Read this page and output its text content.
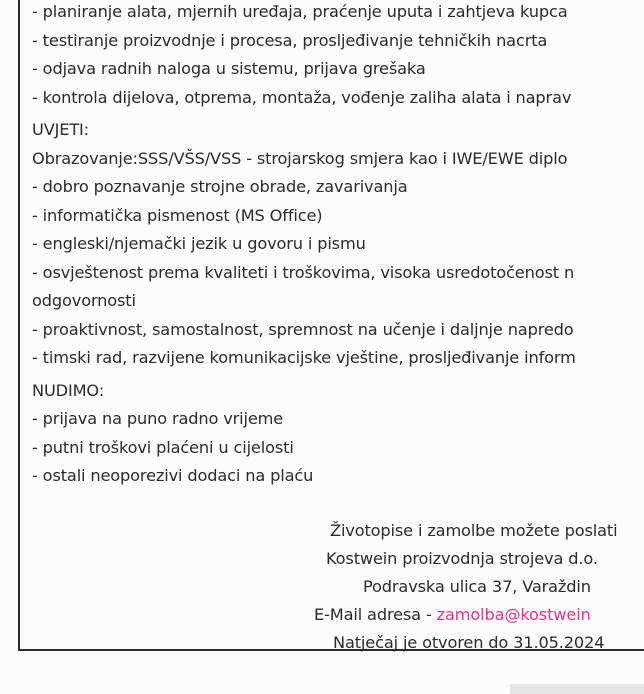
- planiranje alata, mjernih uređaja, praćenje uputa i zahtjeva kupca
- testiranje proizvodnje i procesa, prosljeđivanje tehničkih nacrta
- odjava radnih naloga u sistemu, prijava grešaka
- kontrola dijelova, otprema, montaža, vođenje zaliha alata i naprav
UVJETI:
Obrazovanje:SSS/VŠS/VSS - strojarskog smjera kao i IWE/EWE diplo
- dobro poznavanje strojne obrade, zavarivanja
- informatička pismenost (MS Office)
- engleski/njemački jezik u govoru i pismu
- osvještenost prema kvaliteti i troškovima, visoka usredotočenost n
odgovornosti
- proaktivnost, samostalnost, spremnost na učenje i daljnje napredo
- timski rad, razvijene komunikacijske vještine, prosljeđivanje inform
NUDIMO:
- prijava na puno radno vrijeme
- putni troškovi plaćeni u cijelosti
- ostali neoporezivi dodaci na plaću
Životopise i zamolbe možete poslati
Kostwein proizvodnja strojeva d.o.
Podravska ulica 37, Varaždin
E-Mail adresa - zamolba@kostwein
Natječaj je otvoren do 31.05.2024
